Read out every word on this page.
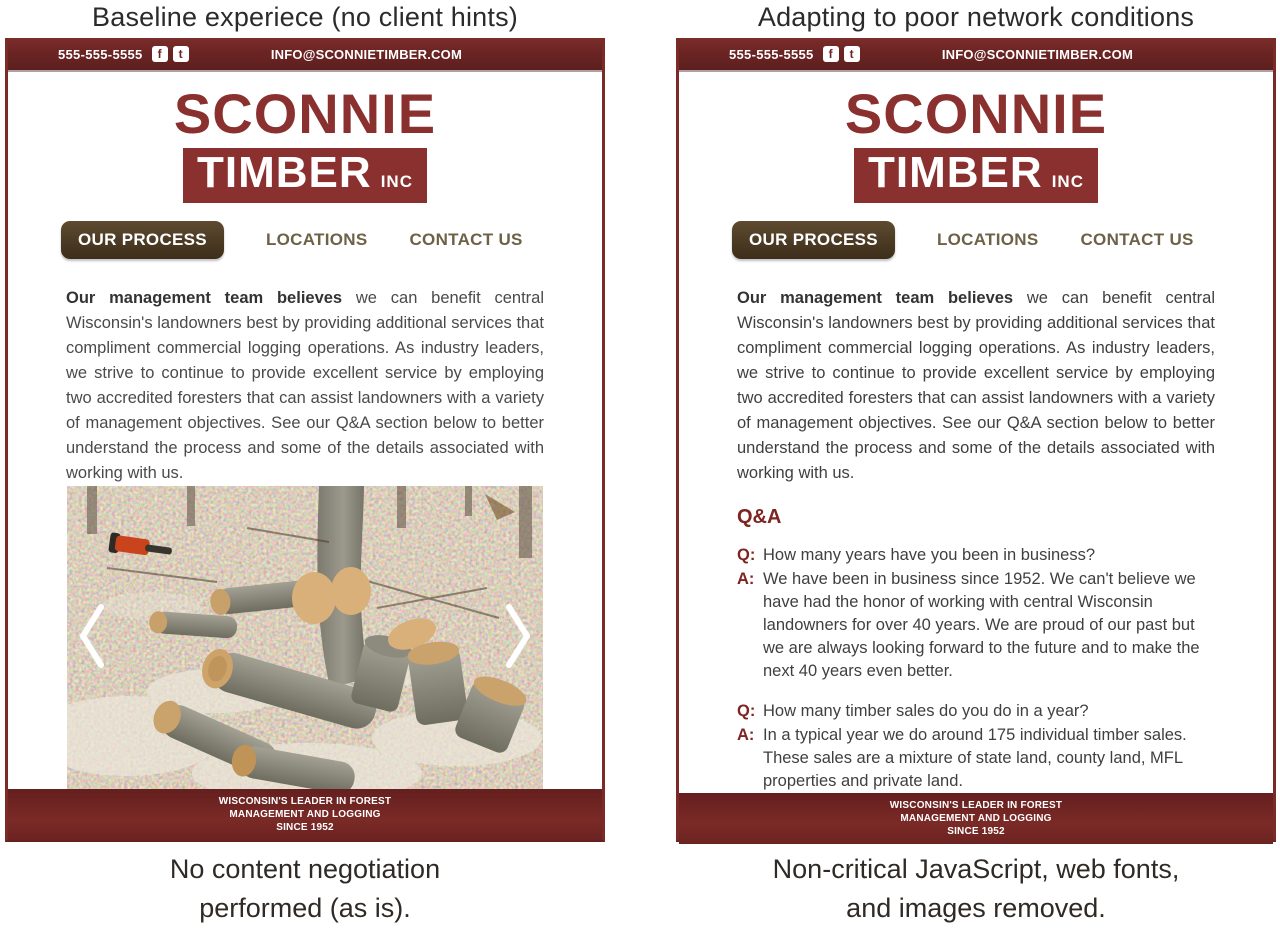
Baseline experiece (no client hints)
555-555-5555	f	t	INFO@SCONNIETIMBER.COM
SCONNIE
TIMBER INC
OUR PROCESS	LOCATIONS CONTACT US
Our management team believes we can benefit central Wisconsin's landowners best by providing additional services that compliment commercial logging operations. As industry leaders, we strive to continue to provide excellent service by employing two accredited foresters that can assist landowners with a variety of management objectives. See our Q&A section below to better understand the process and some of the details associated with working with us.
WISCONSIN'S LEADER IN FOREST
MANAGEMENT AND LOGGING
SINCE 1952
No content negotiation
performed (as is).
Adapting to poor network conditions
555-555-5555	f	t	INFO@SCONNIETIMBER.COM
SCONNIE
TIMBER INC
OUR PROCESS	LOCATIONS CONTACT US
Our management team believes we can benefit central Wisconsin's landowners best by providing additional services that compliment commercial logging operations. As industry leaders, we strive to continue to provide excellent service by employing two accredited foresters that can assist landowners with a variety of management objectives. See our Q&A section below to better understand the process and some of the details associated with working with us.
Q&A
Q: How many years have you been in business?
A: We have been in business since 1952. We can't believe we have had the honor of working with central Wisconsin landowners for over 40 years. We are proud of our past but we are always looking forward to the future and to make the next 40 years even better.
Q: How many timber sales do you do in a year?
A: In a typical year we do around 175 individual timber sales. These sales are a mixture of state land, county land, MFL properties and private land.
WISCONSIN'S LEADER IN FOREST
MANAGEMENT AND LOGGING
SINCE 1952
Non-critical JavaScript, web fonts,
and images removed.
